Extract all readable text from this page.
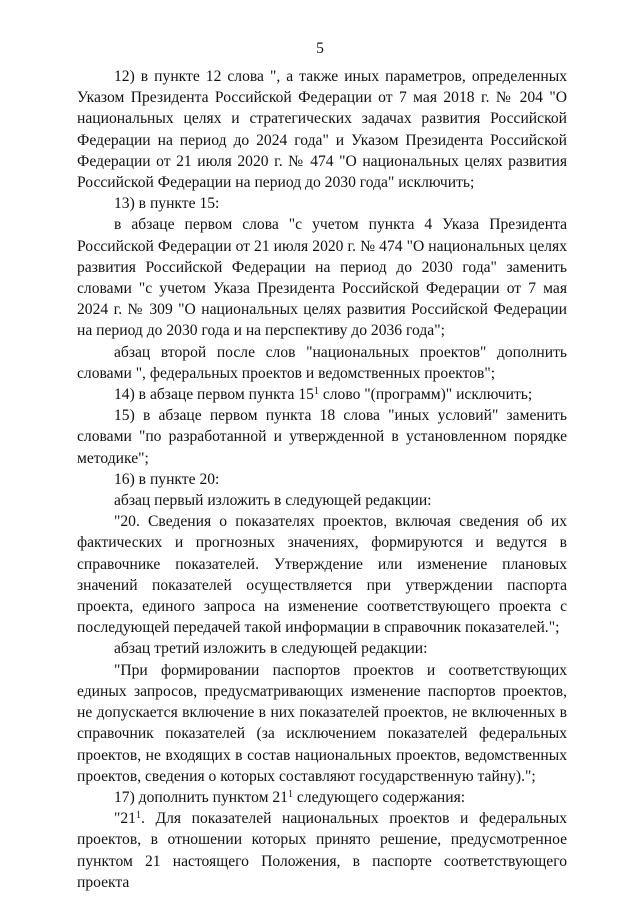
5

12) в пункте 12 слова ", а также иных параметров, определенных Указом Президента Российской Федерации от 7 мая 2018 г. № 204 "О национальных целях и стратегических задачах развития Российской Федерации на период до 2024 года" и Указом Президента Российской Федерации от 21 июля 2020 г. № 474 "О национальных целях развития Российской Федерации на период до 2030 года" исключить;

13) в пункте 15:

в абзаце первом слова "с учетом пункта 4 Указа Президента Российской Федерации от 21 июля 2020 г. № 474 "О национальных целях развития Российской Федерации на период до 2030 года" заменить словами "с учетом Указа Президента Российской Федерации от 7 мая 2024 г. № 309 "О национальных целях развития Российской Федерации на период до 2030 года и на перспективу до 2036 года";

абзац второй после слов "национальных проектов" дополнить словами ", федеральных проектов и ведомственных проектов";

14) в абзаце первом пункта $15^1$ слово "(программ)" исключить;

15) в абзаце первом пункта 18 слова "иных условий" заменить словами "по разработанной и утвержденной в установленном порядке методике";

16) в пункте 20:

абзац первый изложить в следующей редакции:

"20. Сведения о показателях проектов, включая сведения об их фактических и прогнозных значениях, формируются и ведутся в справочнике показателей. Утверждение или изменение плановых значений показателей осуществляется при утверждении паспорта проекта, единого запроса на изменение соответствующего проекта с последующей передачей такой информации в справочник показателей.";

абзац третий изложить в следующей редакции:

"При формировании паспортов проектов и соответствующих единых запросов, предусматривающих изменение паспортов проектов, не допускается включение в них показателей проектов, не включенных в справочник показателей (за исключением показателей федеральных проектов, не входящих в состав национальных проектов, ведомственных проектов, сведения о которых составляют государственную тайну).";

17) дополнить пунктом $21^1$ следующего содержания:

"$21^1$. Для показателей национальных проектов и федеральных проектов, в отношении которых принято решение, предусмотренное пунктом 21 настоящего Положения, в паспорте соответствующего проекта
